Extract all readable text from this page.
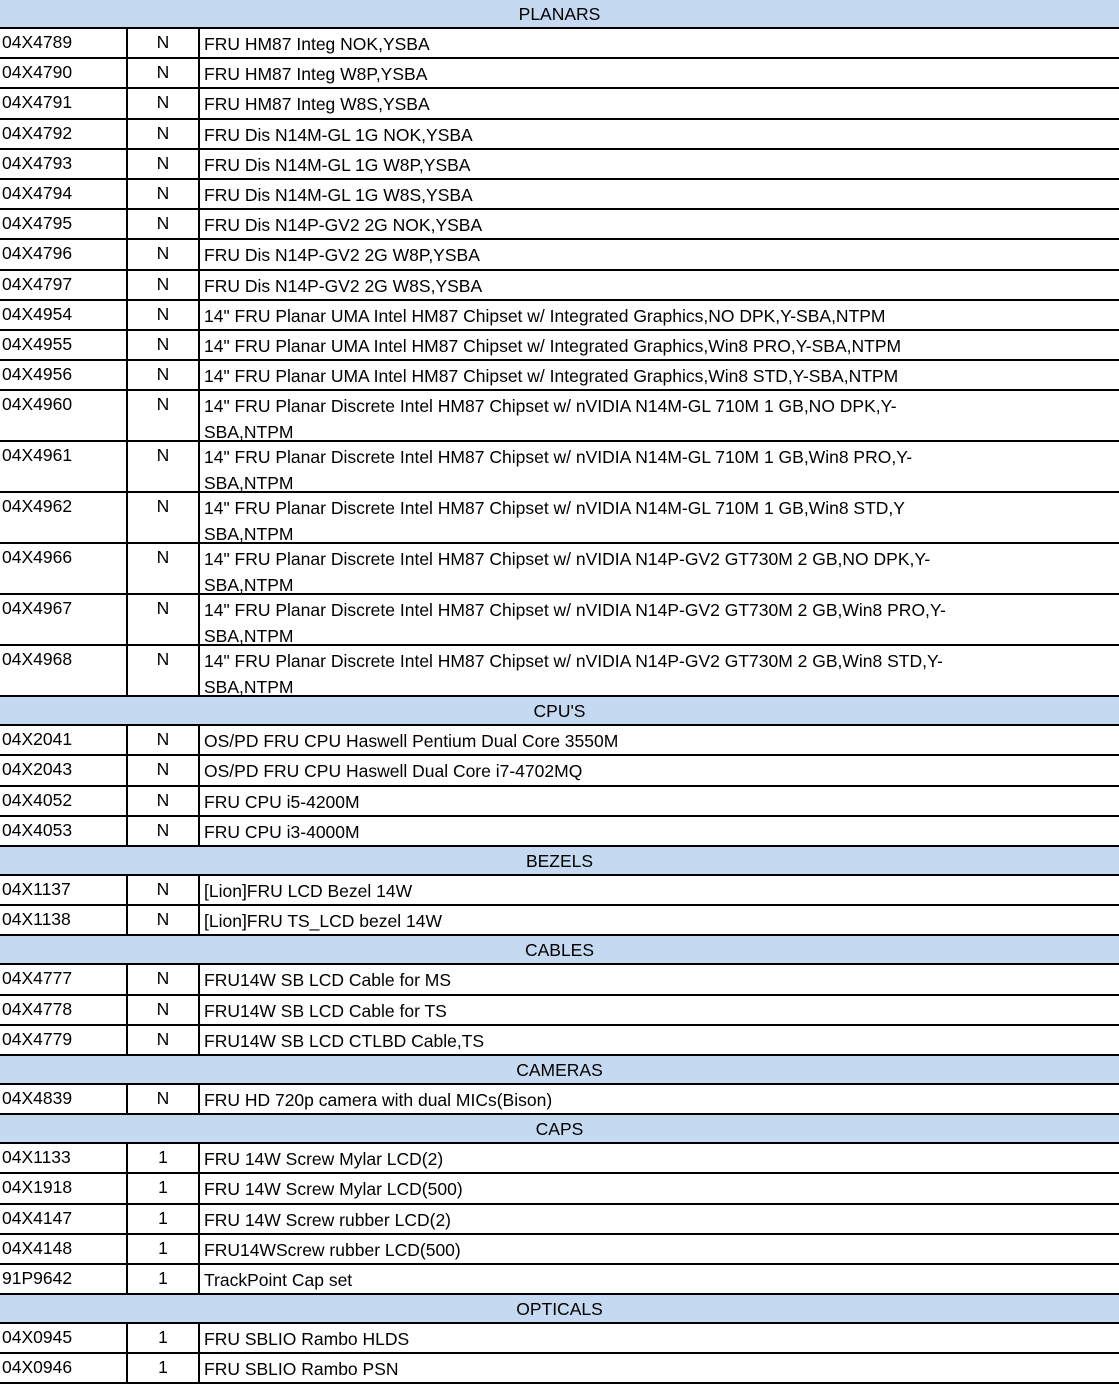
PLANARS
04X4789	N	FRU HM87 Integ NOK,YSBA
04X4790	N	FRU HM87 Integ W8P,YSBA
04X4791	N	FRU HM87 Integ W8S,YSBA
04X4792	N	FRU Dis N14M-GL 1G NOK,YSBA
04X4793	N	FRU Dis N14M-GL 1G W8P,YSBA
04X4794	N	FRU Dis N14M-GL 1G W8S,YSBA
04X4795	N	FRU Dis N14P-GV2 2G NOK,YSBA
04X4796	N	FRU Dis N14P-GV2 2G W8P,YSBA
04X4797	N	FRU Dis N14P-GV2 2G W8S,YSBA
04X4954	N	14" FRU Planar UMA Intel HM87 Chipset w/ Integrated Graphics,NO DPK,Y-SBA,NTPM
04X4955	N	14" FRU Planar UMA Intel HM87 Chipset w/ Integrated Graphics,Win8 PRO,Y-SBA,NTPM
04X4956	N	14" FRU Planar UMA Intel HM87 Chipset w/ Integrated Graphics,Win8 STD,Y-SBA,NTPM
04X4960	N	14" FRU Planar Discrete Intel HM87 Chipset w/ nVIDIA N14M-GL 710M 1 GB,NO DPK,Y-SBA,NTPM
04X4961	N	14" FRU Planar Discrete Intel HM87 Chipset w/ nVIDIA N14M-GL 710M 1 GB,Win8 PRO,Y-SBA,NTPM
04X4962	N	14" FRU Planar Discrete Intel HM87 Chipset w/ nVIDIA N14M-GL 710M 1 GB,Win8 STD,Y SBA,NTPM
04X4966	N	14" FRU Planar Discrete Intel HM87 Chipset w/ nVIDIA N14P-GV2 GT730M 2 GB,NO DPK,Y-SBA,NTPM
04X4967	N	14" FRU Planar Discrete Intel HM87 Chipset w/ nVIDIA N14P-GV2 GT730M 2 GB,Win8 PRO,Y-SBA,NTPM
04X4968	N	14" FRU Planar Discrete Intel HM87 Chipset w/ nVIDIA N14P-GV2 GT730M 2 GB,Win8 STD,Y-SBA,NTPM
CPU'S
04X2041	N	OS/PD FRU CPU Haswell Pentium Dual Core 3550M
04X2043	N	OS/PD FRU CPU Haswell Dual Core i7-4702MQ
04X4052	N	FRU CPU i5-4200M
04X4053	N	FRU CPU i3-4000M
BEZELS
04X1137	N	[Lion]FRU LCD Bezel 14W
04X1138	N	[Lion]FRU TS_LCD bezel 14W
CABLES
04X4777	N	FRU14W SB LCD Cable for MS
04X4778	N	FRU14W SB LCD Cable for TS
04X4779	N	FRU14W SB LCD CTLBD Cable,TS
CAMERAS
04X4839	N	FRU HD 720p camera with dual MICs(Bison)
CAPS
04X1133	1	FRU 14W Screw Mylar LCD(2)
04X1918	1	FRU 14W Screw Mylar LCD(500)
04X4147	1	FRU 14W Screw rubber LCD(2)
04X4148	1	FRU14WScrew rubber LCD(500)
91P9642	1	TrackPoint Cap set
OPTICALS
04X0945	1	FRU SBLIO Rambo HLDS
04X0946	1	FRU SBLIO Rambo PSN
